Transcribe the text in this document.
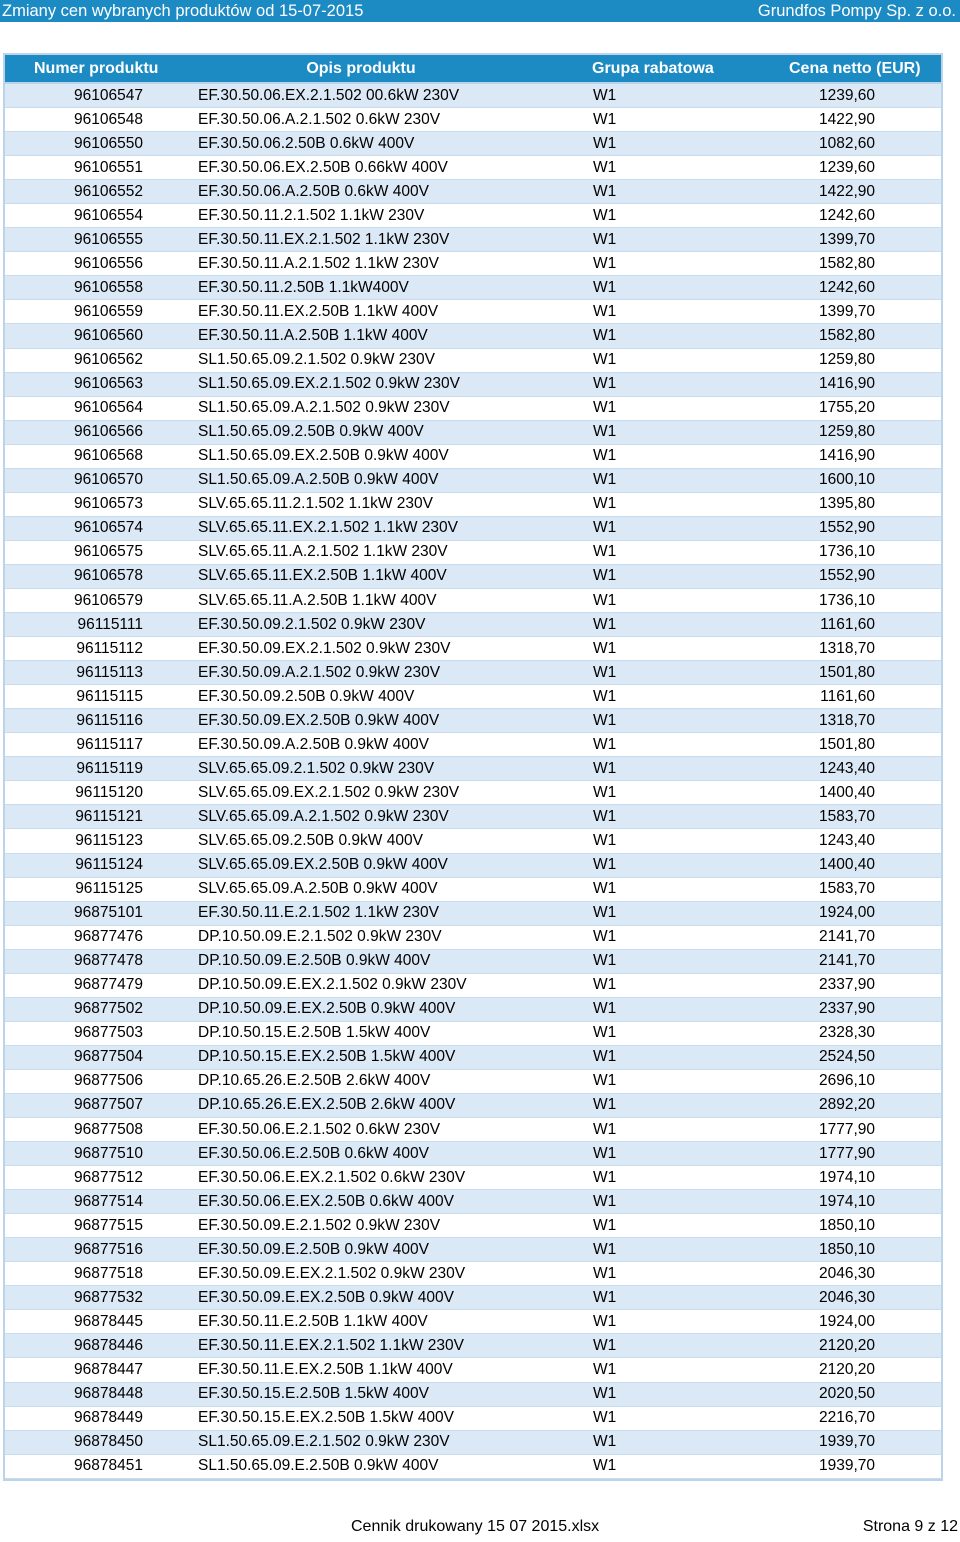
Zmiany cen wybranych produktów od 15-07-2015	Grundfos Pompy Sp. z o.o.
Numer produktu	Opis produktu	Grupa rabatowa	Cena netto (EUR)
96106547	EF.30.50.06.EX.2.1.502 00.6kW 230V	W1	1239,60
96106548	EF.30.50.06.A.2.1.502 0.6kW 230V	W1	1422,90
96106550	EF.30.50.06.2.50B 0.6kW 400V	W1	1082,60
96106551	EF.30.50.06.EX.2.50B 0.66kW 400V	W1	1239,60
96106552	EF.30.50.06.A.2.50B 0.6kW 400V	W1	1422,90
96106554	EF.30.50.11.2.1.502 1.1kW 230V	W1	1242,60
96106555	EF.30.50.11.EX.2.1.502 1.1kW 230V	W1	1399,70
96106556	EF.30.50.11.A.2.1.502 1.1kW 230V	W1	1582,80
96106558	EF.30.50.11.2.50B 1.1kW400V	W1	1242,60
96106559	EF.30.50.11.EX.2.50B 1.1kW 400V	W1	1399,70
96106560	EF.30.50.11.A.2.50B 1.1kW 400V	W1	1582,80
96106562	SL1.50.65.09.2.1.502 0.9kW 230V	W1	1259,80
96106563	SL1.50.65.09.EX.2.1.502 0.9kW 230V	W1	1416,90
96106564	SL1.50.65.09.A.2.1.502 0.9kW 230V	W1	1755,20
96106566	SL1.50.65.09.2.50B 0.9kW 400V	W1	1259,80
96106568	SL1.50.65.09.EX.2.50B 0.9kW 400V	W1	1416,90
96106570	SL1.50.65.09.A.2.50B 0.9kW 400V	W1	1600,10
96106573	SLV.65.65.11.2.1.502 1.1kW 230V	W1	1395,80
96106574	SLV.65.65.11.EX.2.1.502 1.1kW 230V	W1	1552,90
96106575	SLV.65.65.11.A.2.1.502 1.1kW 230V	W1	1736,10
96106578	SLV.65.65.11.EX.2.50B 1.1kW 400V	W1	1552,90
96106579	SLV.65.65.11.A.2.50B 1.1kW 400V	W1	1736,10
96115111	EF.30.50.09.2.1.502 0.9kW 230V	W1	1161,60
96115112	EF.30.50.09.EX.2.1.502 0.9kW 230V	W1	1318,70
96115113	EF.30.50.09.A.2.1.502 0.9kW 230V	W1	1501,80
96115115	EF.30.50.09.2.50B 0.9kW 400V	W1	1161,60
96115116	EF.30.50.09.EX.2.50B 0.9kW 400V	W1	1318,70
96115117	EF.30.50.09.A.2.50B 0.9kW 400V	W1	1501,80
96115119	SLV.65.65.09.2.1.502 0.9kW 230V	W1	1243,40
96115120	SLV.65.65.09.EX.2.1.502 0.9kW 230V	W1	1400,40
96115121	SLV.65.65.09.A.2.1.502 0.9kW 230V	W1	1583,70
96115123	SLV.65.65.09.2.50B 0.9kW 400V	W1	1243,40
96115124	SLV.65.65.09.EX.2.50B 0.9kW 400V	W1	1400,40
96115125	SLV.65.65.09.A.2.50B 0.9kW 400V	W1	1583,70
96875101	EF.30.50.11.E.2.1.502 1.1kW 230V	W1	1924,00
96877476	DP.10.50.09.E.2.1.502 0.9kW 230V	W1	2141,70
96877478	DP.10.50.09.E.2.50B 0.9kW 400V	W1	2141,70
96877479	DP.10.50.09.E.EX.2.1.502 0.9kW 230V	W1	2337,90
96877502	DP.10.50.09.E.EX.2.50B 0.9kW 400V	W1	2337,90
96877503	DP.10.50.15.E.2.50B 1.5kW 400V	W1	2328,30
96877504	DP.10.50.15.E.EX.2.50B 1.5kW 400V	W1	2524,50
96877506	DP.10.65.26.E.2.50B 2.6kW 400V	W1	2696,10
96877507	DP.10.65.26.E.EX.2.50B 2.6kW 400V	W1	2892,20
96877508	EF.30.50.06.E.2.1.502 0.6kW 230V	W1	1777,90
96877510	EF.30.50.06.E.2.50B 0.6kW 400V	W1	1777,90
96877512	EF.30.50.06.E.EX.2.1.502 0.6kW 230V	W1	1974,10
96877514	EF.30.50.06.E.EX.2.50B 0.6kW 400V	W1	1974,10
96877515	EF.30.50.09.E.2.1.502 0.9kW 230V	W1	1850,10
96877516	EF.30.50.09.E.2.50B 0.9kW 400V	W1	1850,10
96877518	EF.30.50.09.E.EX.2.1.502 0.9kW 230V	W1	2046,30
96877532	EF.30.50.09.E.EX.2.50B 0.9kW 400V	W1	2046,30
96878445	EF.30.50.11.E.2.50B 1.1kW 400V	W1	1924,00
96878446	EF.30.50.11.E.EX.2.1.502 1.1kW 230V	W1	2120,20
96878447	EF.30.50.11.E.EX.2.50B 1.1kW 400V	W1	2120,20
96878448	EF.30.50.15.E.2.50B 1.5kW 400V	W1	2020,50
96878449	EF.30.50.15.E.EX.2.50B 1.5kW 400V	W1	2216,70
96878450	SL1.50.65.09.E.2.1.502 0.9kW 230V	W1	1939,70
96878451	SL1.50.65.09.E.2.50B 0.9kW 400V	W1	1939,70
Cennik drukowany 15 07 2015.xlsx	Strona 9 z 12
